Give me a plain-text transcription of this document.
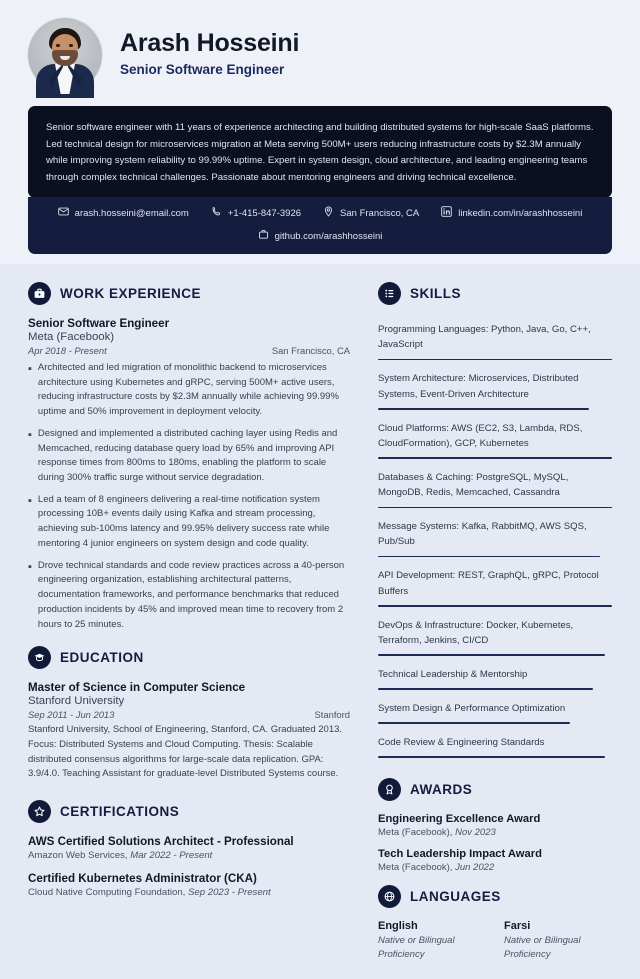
Arash Hosseini
Senior Software Engineer
Senior software engineer with 11 years of experience architecting and building distributed systems for high-scale SaaS platforms. Led technical design for microservices migration at Meta serving 500M+ users reducing infrastructure costs by $2.3M annually while improving system reliability to 99.99% uptime. Expert in system design, cloud architecture, and leading engineering teams through complex technical challenges. Passionate about mentoring engineers and driving technical excellence.
arash.hosseini@email.com	+1-415-847-3926	San Francisco, CA	linkedin.com/in/arashhosseini
github.com/arashhosseini
WORK EXPERIENCE
Senior Software Engineer
Meta (Facebook)
Apr 2018 - Present	San Francisco, CA
▪ Architected and led migration of monolithic backend to microservices architecture using Kubernetes and gRPC, serving 500M+ active users, reducing infrastructure costs by $2.3M annually while achieving 99.99% uptime and 50% improvement in deployment velocity.
▪ Designed and implemented a distributed caching layer using Redis and Memcached, reducing database query load by 65% and improving API response times from 800ms to 180ms, enabling the platform to scale during 300% traffic surge without service degradation.
▪ Led a team of 8 engineers delivering a real-time notification system processing 10B+ events daily using Kafka and stream processing, achieving sub-100ms latency and 99.95% delivery success rate while mentoring 4 junior engineers on system design and code quality.
▪ Drove technical standards and code review practices across a 40-person engineering organization, establishing architectural patterns, documentation frameworks, and performance benchmarks that reduced production incidents by 45% and improved mean time to recovery from 2 hours to 25 minutes.
EDUCATION
Master of Science in Computer Science
Stanford University
Sep 2011 - Jun 2013	Stanford
Stanford University, School of Engineering, Stanford, CA. Graduated 2013. Focus: Distributed Systems and Cloud Computing. Thesis: Scalable distributed consensus algorithms for large-scale data replication. GPA: 3.9/4.0. Teaching Assistant for graduate-level Distributed Systems course.
CERTIFICATIONS
AWS Certified Solutions Architect - Professional
Amazon Web Services, Mar 2022 - Present
Certified Kubernetes Administrator (CKA)
Cloud Native Computing Foundation, Sep 2023 - Present
SKILLS
Programming Languages: Python, Java, Go, C++, JavaScript
System Architecture: Microservices, Distributed Systems, Event-Driven Architecture
Cloud Platforms: AWS (EC2, S3, Lambda, RDS, CloudFormation), GCP, Kubernetes
Databases & Caching: PostgreSQL, MySQL, MongoDB, Redis, Memcached, Cassandra
Message Systems: Kafka, RabbitMQ, AWS SQS, Pub/Sub
API Development: REST, GraphQL, gRPC, Protocol Buffers
DevOps & Infrastructure: Docker, Kubernetes, Terraform, Jenkins, CI/CD
Technical Leadership & Mentorship
System Design & Performance Optimization
Code Review & Engineering Standards
AWARDS
Engineering Excellence Award
Meta (Facebook), Nov 2023
Tech Leadership Impact Award
Meta (Facebook), Jun 2022
LANGUAGES
English
Native or Bilingual Proficiency
Farsi
Native or Bilingual Proficiency
